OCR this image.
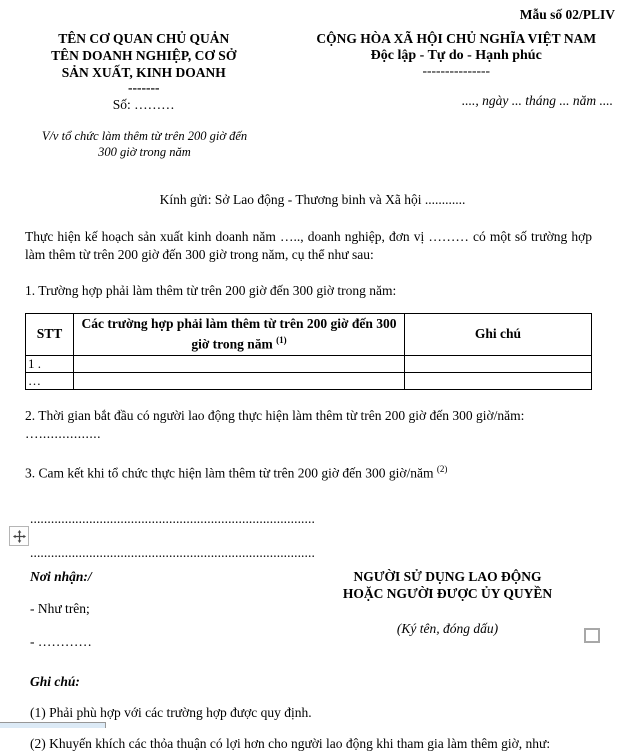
Mẫu số 02/PLIV
TÊN CƠ QUAN CHỦ QUẢN
TÊN DOANH NGHIỆP, CƠ SỞ
SẢN XUẤT, KINH DOANH
-------
Số: ………
CỘNG HÒA XÃ HỘI CHỦ NGHĨA VIỆT NAM
Độc lập - Tự do - Hạnh phúc
---------------
...., ngày ... tháng ... năm ....
V/v tổ chức làm thêm từ trên 200 giờ đến
300 giờ trong năm
Kính gửi: Sở Lao động - Thương binh và Xã hội ............
Thực hiện kế hoạch sản xuất kinh doanh năm ….., doanh nghiệp, đơn vị ……… có một số trường hợp làm thêm từ trên 200 giờ đến 300 giờ trong năm, cụ thể như sau:
1. Trường hợp phải làm thêm từ trên 200 giờ đến 300 giờ trong năm:
STT	Các trường hợp phải làm thêm từ trên 200 giờ đến 300 giờ trong năm $^{(1)}$	Ghi chú
1 .		
…		
2. Thời gian bắt đầu có người lao động thực hiện làm thêm từ trên 200 giờ đến 300 giờ/năm:
…................
3. Cam kết khi tổ chức thực hiện làm thêm từ trên 200 giờ đến 300 giờ/năm $^{(2)}$
..................................................................................
..................................................................................
Nơi nhận:/
- Như trên;
- …………
NGƯỜI SỬ DỤNG LAO ĐỘNG
HOẶC NGƯỜI ĐƯỢC ỦY QUYỀN
(Ký tên, đóng dấu)
Ghi chú:
(1) Phải phù hợp với các trường hợp được quy định.
(2) Khuyến khích các thỏa thuận có lợi hơn cho người lao động khi tham gia làm thêm giờ, như:
